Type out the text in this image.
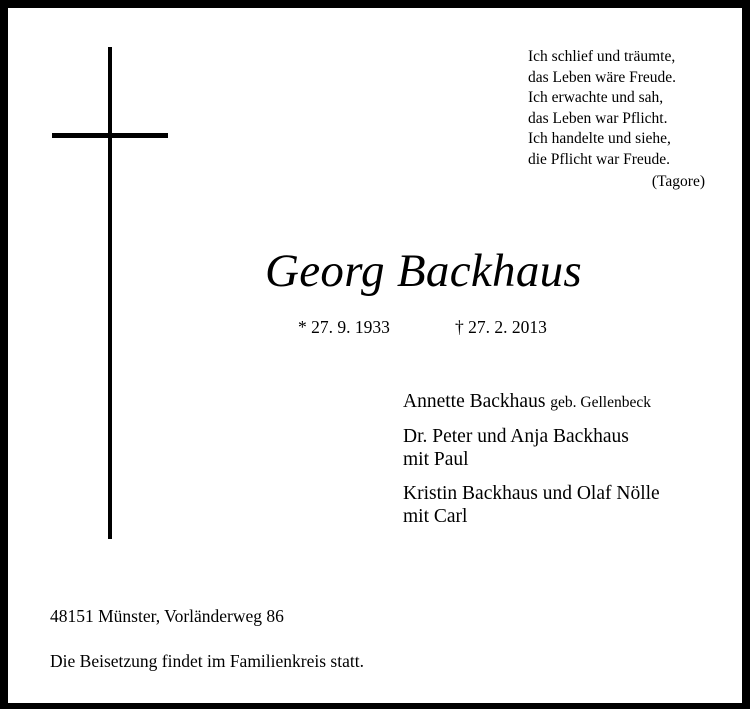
Ich schlief und träumte,
das Leben wäre Freude.
Ich erwachte und sah,
das Leben war Pflicht.
Ich handelte und siehe,
die Pflicht war Freude.
(Tagore)
Georg Backhaus
* 27. 9. 1933	† 27. 2. 2013
Annette Backhaus geb. Gellenbeck
Dr. Peter und Anja Backhaus
mit Paul
Kristin Backhaus und Olaf Nölle
mit Carl
48151 Münster, Vorländerweg 86
Die Beisetzung findet im Familienkreis statt.
